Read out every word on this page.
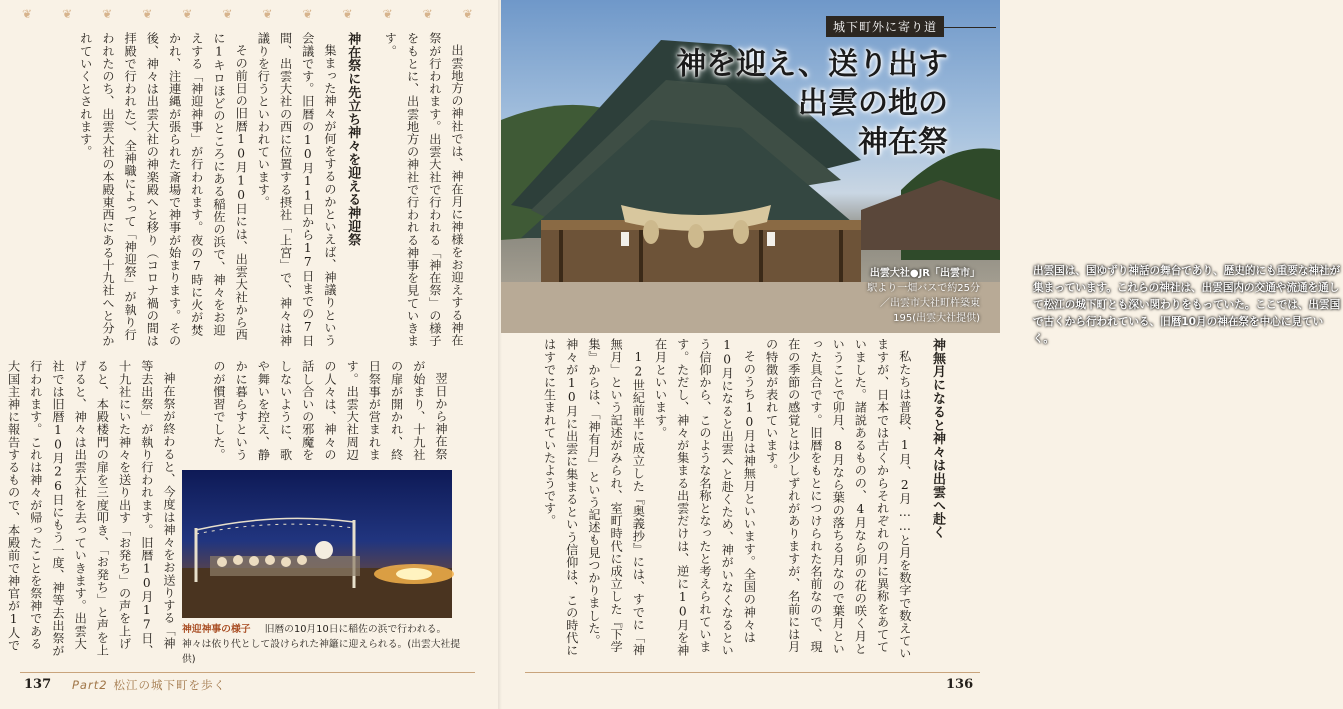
❦	❦	❦	❦	❦	❦	❦	❦	❦	❦	❦	❦

出雲地方の神社では、神在月に神様をお迎えする神在祭が行われます。出雲大社で行われる「神在祭」の様子をもとに、出雲地方の神社で行われる神事を見ていきます。

神在祭に先立ち神々を迎える神迎祭

集まった神々が何をするのかといえば、神議りという会議です。旧暦の10月11日から17日までの7日間、出雲大社の西に位置する摂社「上宮」で、神々は神議りを行うといわれています。

その前日の旧暦10月10日には、出雲大社から西に1キロほどのところにある稲佐の浜で、神々をお迎えする「神迎神事」が行われます。夜の7時に火が焚かれ、注連縄が張られた斎場で神事が始まります。その後、神々は出雲大社の神楽殿へと移り（コロナ禍の間は拝殿で行われた）、全神職によって「神迎祭」が執り行われたのち、出雲大社の本殿東西にある十九社へと分かれていくとされます。

翌日から神在祭が始まり、十九社の扉が開かれ、終日祭事が営まれます。出雲大社周辺の人々は、神々の話し合いの邪魔をしないように、歌や舞いを控え、静かに暮らすというのが慣習でした。

神在祭が終わると、今度は神々をお送りする「神等去出祭」が執り行われます。旧暦10月17日、十九社にいた神々を送り出す「お発ち」の声を上げると、本殿楼門の扉を三度叩き、「お発ち」と声を上げると、神々は出雲大社を去っていきます。出雲大社では旧暦10月26日にもう一度、神等去出祭が行われます。これは神々が帰ったことを祭神である大国主神に報告するもので、本殿前で神官が1人で

神迎神事の様子 旧暦の10月10日に稲佐の浜で行われる。神々は依り代として設けられた神籬に迎えられる。(出雲大社提供)
137 Part2 松江の城下町を歩く
出雲国は、国ゆずり神話の舞台であり、歴史的にも重要な神社が集まっています。これらの神社は、出雲国内の交通や流通を通して松江の城下町とも深い関わりをもっていた。ここでは、出雲国で古くから行われている、旧暦10月の神在祭を中心に見ていく。
城下町外に寄り道
神を迎え、送り出す
出雲の地の
神在祭
出雲大社●JR「出雲市」
駅より一畑バスで約25分
／出雲市大社町杵築東
195(出雲大社提供)

神無月になると神々は出雲へ赴く

私たちは普段、1月、2月……と月を数字で数えていますが、日本では古くからそれぞれの月に異称をあてていました。諸説あるものの、4月なら卯の花の咲く月ということで卯月、8月なら葉の落ちる月なので葉月といった具合です。旧暦をもとにつけられた名前なので、現在の季節の感覚とは少しずれがありますが、名前には月の特徴が表れています。

そのうち10月は神無月といいます。全国の神々は10月になると出雲へと赴くため、神がいなくなるという信仰から、このような名称となったと考えられています。ただし、神々が集まる出雲だけは、逆に10月を神在月といいます。

12世紀前半に成立した『奥義抄』には、すでに「神無月」という記述がみられ、室町時代に成立した『下学集』からは、「神有月」という記述も見つかりました。神々が10月に出雲に集まるという信仰は、この時代にはすでに生まれていたようです。

136
